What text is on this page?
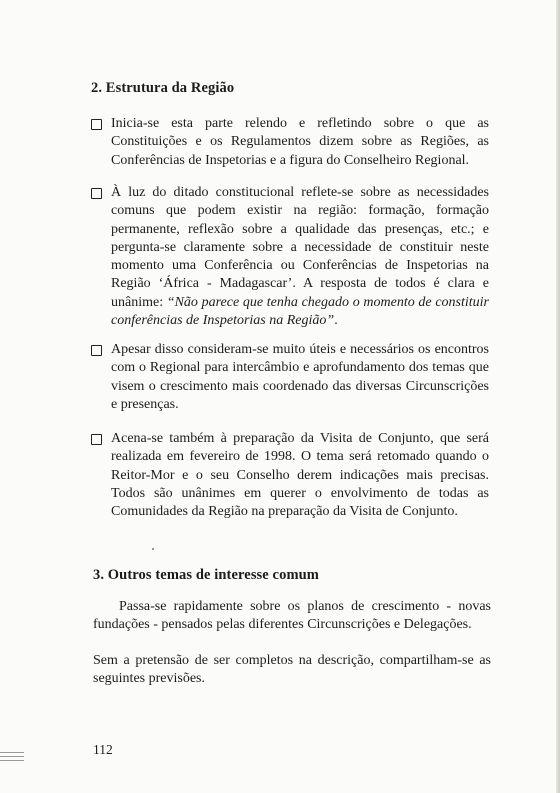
2. Estrutura da Região

Inicia-se esta parte relendo e refletindo sobre o que as Constituições e os Regulamentos dizem sobre as Regiões, as Conferências de Inspetorias e a figura do Conselheiro Regional.

À luz do ditado constitucional reflete-se sobre as necessidades comuns que podem existir na região: formação, formação permanente, reflexão sobre a qualidade das presenças, etc.; e pergunta-se claramente sobre a necessidade de constituir neste momento uma Conferência ou Conferências de Inspetorias na Região ‘África - Madagascar’. A resposta de todos é clara e unânime: “Não parece que tenha chegado o momento de constituir conferências de Inspetorias na Região”.

Apesar disso consideram-se muito úteis e necessários os encontros com o Regional para intercâmbio e aprofundamento dos temas que visem o crescimento mais coordenado das diversas Circunscrições e presenças.

Acena-se também à preparação da Visita de Conjunto, que será realizada em fevereiro de 1998. O tema será retomado quando o Reitor-Mor e o seu Conselho derem indicações mais precisas. Todos são unânimes em querer o envolvimento de todas as Comunidades da Região na preparação da Visita de Conjunto.

3. Outros temas de interesse comum

Passa-se rapidamente sobre os planos de crescimento - novas fundações - pensados pelas diferentes Circunscrições e Delegações.

Sem a pretensão de ser completos na descrição, compartilham-se as seguintes previsões.

112
